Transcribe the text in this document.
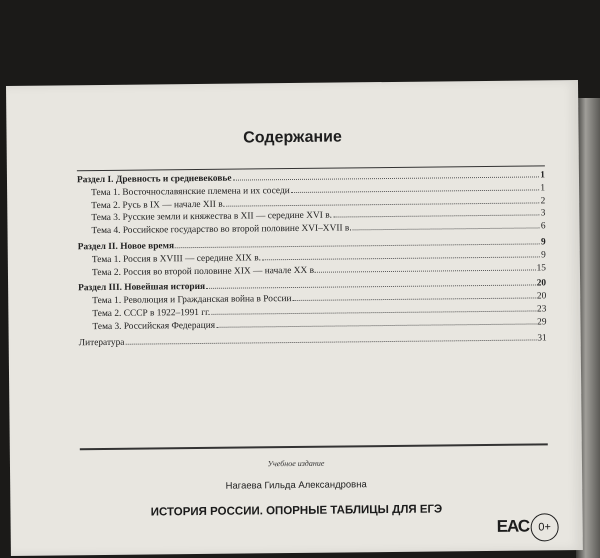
Содержание
Раздел I. Древность и средневековье	1
Тема 1. Восточнославянские племена и их соседи	1
Тема 2. Русь в IX — начале XII в.	2
Тема 3. Русские земли и княжества в XII — середине XVI в.	3
Тема 4. Российское государство во второй половине XVI–XVII в.	6
Раздел II. Новое время	9
Тема 1. Россия в XVIII — середине XIX в.	9
Тема 2. Россия во второй половине XIX — начале XX в.	15
Раздел III. Новейшая история	20
Тема 1. Революция и Гражданская война в России	20
Тема 2. СССР в 1922–1991 гг.	23
Тема 3. Российская Федерация	29
Литература	31
Учебное издание
Нагаева Гильда Александровна
ИСТОРИЯ РОССИИ. ОПОРНЫЕ ТАБЛИЦЫ ДЛЯ ЕГЭ
ЕАС 0+
